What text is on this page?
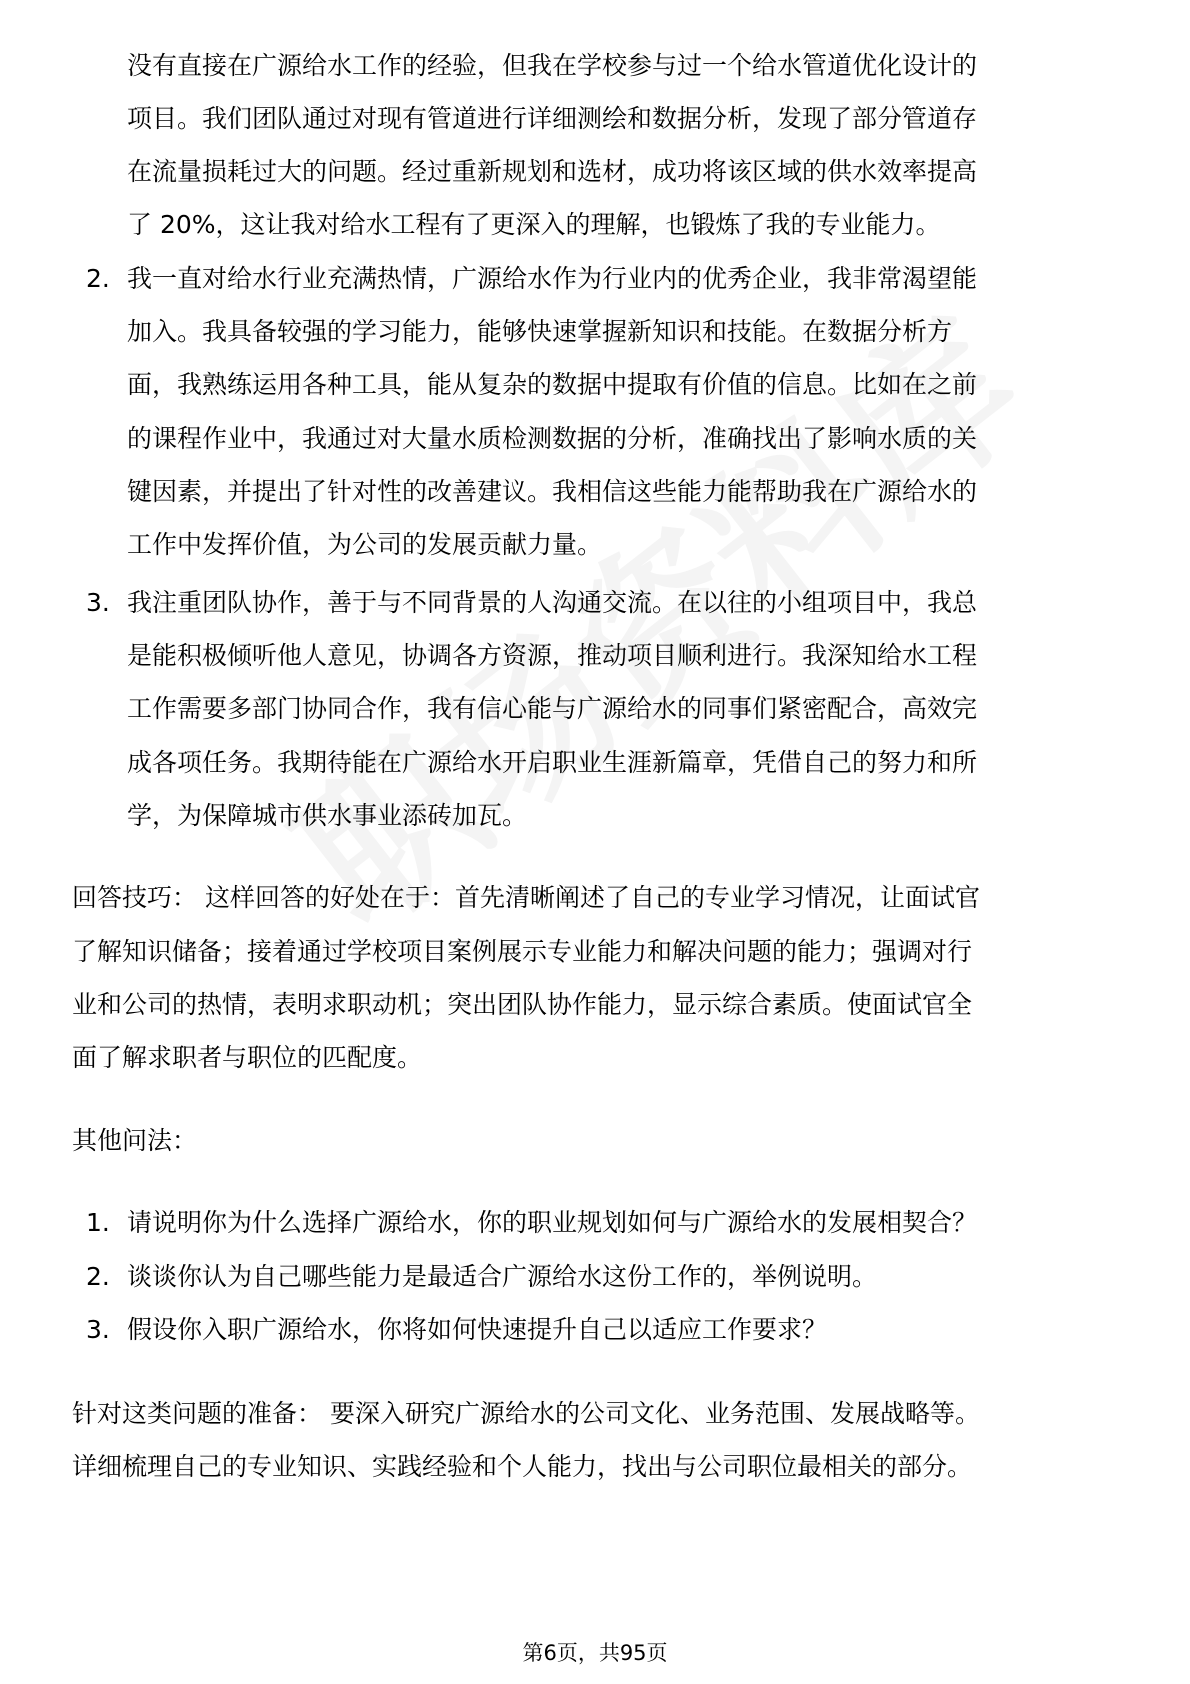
没有直接在广源给水工作的经验，但我在学校参与过一个给水管道优化设计的
项目。我们团队通过对现有管道进行详细测绘和数据分析，发现了部分管道存
在流量损耗过大的问题。经过重新规划和选材，成功将该区域的供水效率提高
了 20%，这让我对给水工程有了更深入的理解，也锻炼了我的专业能力。
2. 我一直对给水行业充满热情，广源给水作为行业内的优秀企业，我非常渴望能
加入。我具备较强的学习能力，能够快速掌握新知识和技能。在数据分析方
面，我熟练运用各种工具，能从复杂的数据中提取有价值的信息。比如在之前
的课程作业中，我通过对大量水质检测数据的分析，准确找出了影响水质的关
键因素，并提出了针对性的改善建议。我相信这些能力能帮助我在广源给水的
工作中发挥价值，为公司的发展贡献力量。
3. 我注重团队协作，善于与不同背景的人沟通交流。在以往的小组项目中，我总
是能积极倾听他人意见，协调各方资源，推动项目顺利进行。我深知给水工程
工作需要多部门协同合作，我有信心能与广源给水的同事们紧密配合，高效完
成各项任务。我期待能在广源给水开启职业生涯新篇章，凭借自己的努力和所
学，为保障城市供水事业添砖加瓦。
回答技巧： 这样回答的好处在于：首先清晰阐述了自己的专业学习情况，让面试官
了解知识储备；接着通过学校项目案例展示专业能力和解决问题的能力；强调对行
业和公司的热情，表明求职动机；突出团队协作能力，显示综合素质。使面试官全
面了解求职者与职位的匹配度。
其他问法：
1. 请说明你为什么选择广源给水，你的职业规划如何与广源给水的发展相契合？
2. 谈谈你认为自己哪些能力是最适合广源给水这份工作的，举例说明。
3. 假设你入职广源给水，你将如何快速提升自己以适应工作要求？
针对这类问题的准备： 要深入研究广源给水的公司文化、业务范围、发展战略等。
详细梳理自己的专业知识、实践经验和个人能力，找出与公司职位最相关的部分。
第6页，共95页
